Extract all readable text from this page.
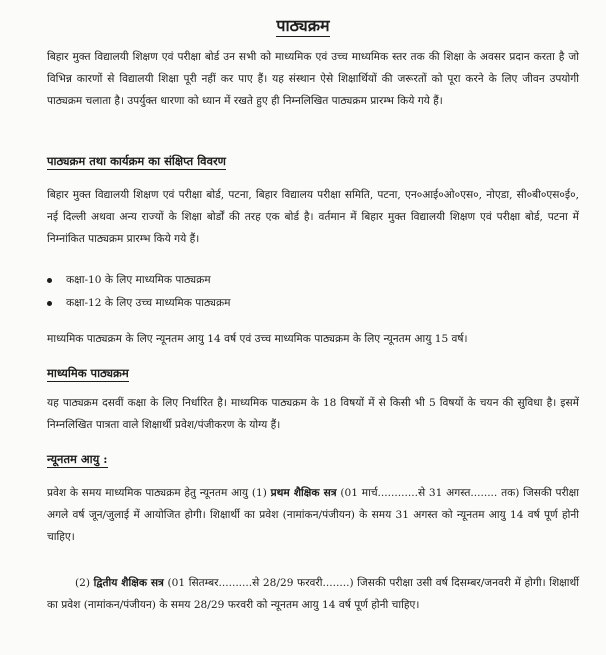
पाठ्यक्रम
बिहार मुक्त विद्यालयी शिक्षण एवं परीक्षा बोर्ड उन सभी को माध्यमिक एवं उच्च माध्यमिक स्तर तक की शिक्षा के अवसर प्रदान करता है जो विभिन्न कारणों से विद्यालयी शिक्षा पूरी नहीं कर पाए हैं। यह संस्थान ऐसे शिक्षार्थियों की जरूरतों को पूरा करने के लिए जीवन उपयोगी पाठ्यक्रम चलाता है। उपर्युक्त धारणा को ध्यान में रखते हुए ही निम्नलिखित पाठ्यक्रम प्रारम्भ किये गये हैं।
पाठ्यक्रम तथा कार्यक्रम का संक्षिप्त विवरण
बिहार मुक्त विद्यालयी शिक्षण एवं परीक्षा बोर्ड, पटना, बिहार विद्यालय परीक्षा समिति, पटना, एन०आई०ओ०एस०, नोएडा, सी०बी०एस०ई०, नई दिल्ली अथवा अन्य राज्यों के शिक्षा बोर्डों की तरह एक बोर्ड है। वर्तमान में बिहार मुक्त विद्यालयी शिक्षण एवं परीक्षा बोर्ड, पटना में निम्नांकित पाठ्यक्रम प्रारम्भ किये गये हैं।
कक्षा-10 के लिए माध्यमिक पाठ्यक्रम
कक्षा-12 के लिए उच्च माध्यमिक पाठ्यक्रम
माध्यमिक पाठ्यक्रम के लिए न्यूनतम आयु 14 वर्ष एवं उच्च माध्यमिक पाठ्यक्रम के लिए न्यूनतम आयु 15 वर्ष।
माध्यमिक पाठ्यक्रम
यह पाठ्यक्रम दसवीं कक्षा के लिए निर्धारित है। माध्यमिक पाठ्यक्रम के 18 विषयों में से किसी भी 5 विषयों के चयन की सुविधा है। इसमें निम्नलिखित पात्रता वाले शिक्षार्थी प्रवेश/पंजीकरण के योग्य हैं।
न्यूनतम आयु :
प्रवेश के समय माध्यमिक पाठ्यक्रम हेतु न्यूनतम आयु (1) प्रथम शैक्षिक सत्र (01 मार्च............से 31 अगस्त........ तक) जिसकी परीक्षा अगले वर्ष जून/जुलाई में आयोजित होगी। शिक्षार्थी का प्रवेश (नामांकन/पंजीयन) के समय 31 अगस्त को न्यूनतम आयु 14 वर्ष पूर्ण होनी चाहिए।
(2) द्वितीय शैक्षिक सत्र (01 सितम्बर..........से 28/29 फरवरी........) जिसकी परीक्षा उसी वर्ष दिसम्बर/जनवरी में होगी। शिक्षार्थी का प्रवेश (नामांकन/पंजीयन) के समय 28/29 फरवरी को न्यूनतम आयु 14 वर्ष पूर्ण होनी चाहिए।
